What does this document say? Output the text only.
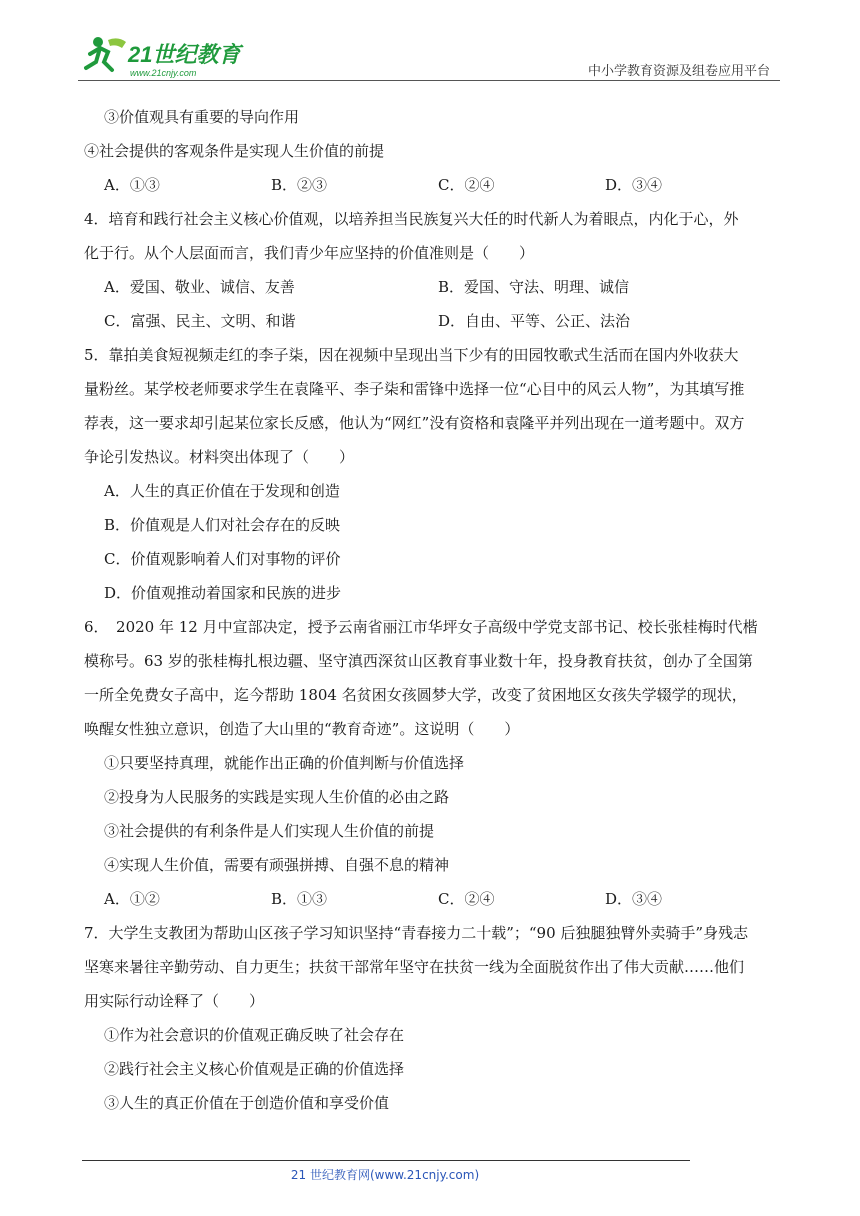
21世纪教育
www.21cnjy.com	中小学教育资源及组卷应用平台
③价值观具有重要的导向作用
④社会提供的客观条件是实现人生价值的前提
A．①③	B．②③	C．②④	D．③④
4．培育和践行社会主义核心价值观，以培养担当民族复兴大任的时代新人为着眼点，内化于心，外
化于行。从个人层面而言，我们青少年应坚持的价值准则是（　　）
A．爱国、敬业、诚信、友善	B．爱国、守法、明理、诚信
C．富强、民主、文明、和谐	D．自由、平等、公正、法治
5．靠拍美食短视频走红的李子柒，因在视频中呈现出当下少有的田园牧歌式生活而在国内外收获大
量粉丝。某学校老师要求学生在袁隆平、李子柒和雷锋中选择一位“心目中的风云人物”，为其填写推
荐表，这一要求却引起某位家长反感，他认为“网红”没有资格和袁隆平并列出现在一道考题中。双方
争论引发热议。材料突出体现了（　　）
A．人生的真正价值在于发现和创造
B．价值观是人们对社会存在的反映
C．价值观影响着人们对事物的评价
D．价值观推动着国家和民族的进步
6．　2020 年 12 月中宣部决定，授予云南省丽江市华坪女子高级中学党支部书记、校长张桂梅时代楷
模称号。63 岁的张桂梅扎根边疆、坚守滇西深贫山区教育事业数十年，投身教育扶贫，创办了全国第
一所全免费女子高中，迄今帮助 1804 名贫困女孩圆梦大学，改变了贫困地区女孩失学辍学的现状，
唤醒女性独立意识，创造了大山里的“教育奇迹”。这说明（　　）
①只要坚持真理，就能作出正确的价值判断与价值选择
②投身为人民服务的实践是实现人生价值的必由之路
③社会提供的有利条件是人们实现人生价值的前提
④实现人生价值，需要有顽强拼搏、自强不息的精神
A．①②	B．①③	C．②④	D．③④
7．大学生支教团为帮助山区孩子学习知识坚持“青春接力二十载”；“90 后独腿独臂外卖骑手”身残志
坚寒来暑往辛勤劳动、自力更生；扶贫干部常年坚守在扶贫一线为全面脱贫作出了伟大贡献……他们
用实际行动诠释了（　　）
①作为社会意识的价值观正确反映了社会存在
②践行社会主义核心价值观是正确的价值选择
③人生的真正价值在于创造价值和享受价值
21 世纪教育网(www.21cnjy.com)
